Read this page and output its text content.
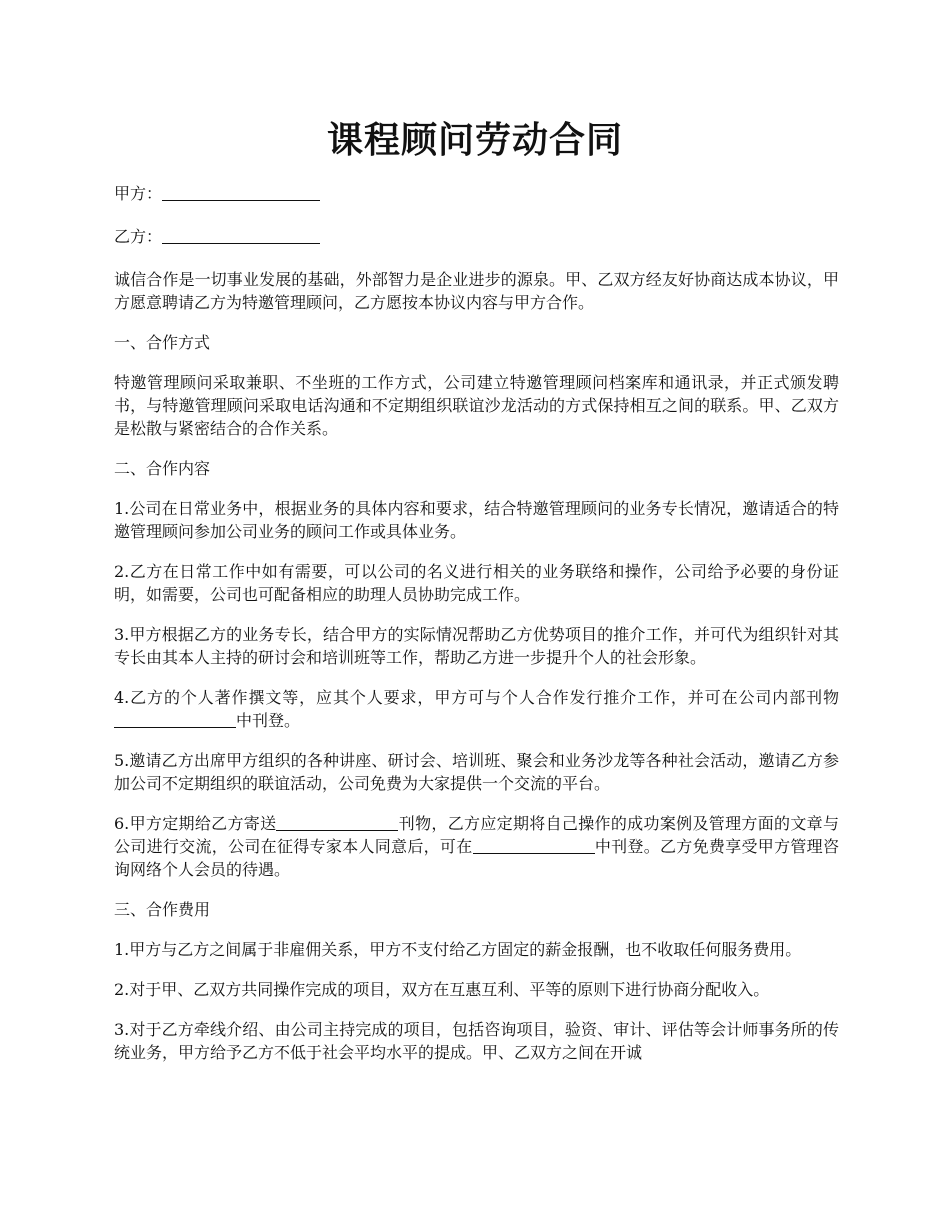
课程顾问劳动合同

甲方：

乙方：

诚信合作是一切事业发展的基础，外部智力是企业进步的源泉。甲、乙双方经友好协商达成本协议，甲方愿意聘请乙方为特邀管理顾问，乙方愿按本协议内容与甲方合作。

一、合作方式

特邀管理顾问采取兼职、不坐班的工作方式，公司建立特邀管理顾问档案库和通讯录，并正式颁发聘书，与特邀管理顾问采取电话沟通和不定期组织联谊沙龙活动的方式保持相互之间的联系。甲、乙双方是松散与紧密结合的合作关系。

二、合作内容

1.公司在日常业务中，根据业务的具体内容和要求，结合特邀管理顾问的业务专长情况，邀请适合的特邀管理顾问参加公司业务的顾问工作或具体业务。

2.乙方在日常工作中如有需要，可以公司的名义进行相关的业务联络和操作，公司给予必要的身份证明，如需要，公司也可配备相应的助理人员协助完成工作。

3.甲方根据乙方的业务专长，结合甲方的实际情况帮助乙方优势项目的推介工作，并可代为组织针对其专长由其本人主持的研讨会和培训班等工作，帮助乙方进一步提升个人的社会形象。

4.乙方的个人著作撰文等，应其个人要求，甲方可与个人合作发行推介工作，并可在公司内部刊物中刊登。

5.邀请乙方出席甲方组织的各种讲座、研讨会、培训班、聚会和业务沙龙等各种社会活动，邀请乙方参加公司不定期组织的联谊活动，公司免费为大家提供一个交流的平台。

6.甲方定期给乙方寄送	刊物，乙方应定期将自己操作的成功案例及管理方面的文章与公司进行交流，公司在征得专家本人同意后，可在	中刊登。乙方免费享受甲方管理咨询网络个人会员的待遇。

三、合作费用

1.甲方与乙方之间属于非雇佣关系，甲方不支付给乙方固定的薪金报酬，也不收取任何服务费用。

2.对于甲、乙双方共同操作完成的项目，双方在互惠互利、平等的原则下进行协商分配收入。

3.对于乙方牵线介绍、由公司主持完成的项目，包括咨询项目，验资、审计、评估等会计师事务所的传统业务，甲方给予乙方不低于社会平均水平的提成。甲、乙双方之间在开诚
